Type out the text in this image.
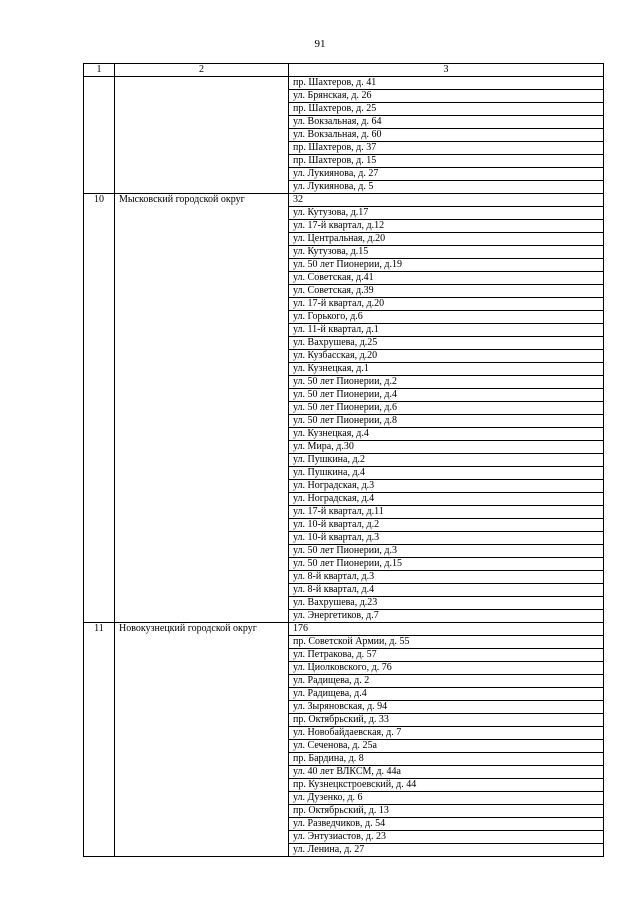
91
1	2	3
		пр. Шахтеров, д. 41
		ул. Брянская, д. 26
		пр. Шахтеров, д. 25
		ул. Вокзальная, д. 64
		ул. Вокзальная, д. 60
		пр. Шахтеров, д. 37
		пр. Шахтеров, д. 15
		ул. Лукиянова, д. 27
		ул. Лукиянова, д. 5
10	Мысковский городской округ	32
		ул. Кутузова, д.17
		ул. 17-й квартал, д.12
		ул. Центральная, д.20
		ул. Кутузова, д.15
		ул. 50 лет Пионерии, д.19
		ул. Советская, д.41
		ул. Советская, д.39
		ул. 17-й квартал, д.20
		ул. Горького, д.6
		ул. 11-й квартал, д.1
		ул. Вахрушева, д.25
		ул. Кузбасская, д.20
		ул. Кузнецкая, д.1
		ул. 50 лет Пионерии, д.2
		ул. 50 лет Пионерии, д.4
		ул. 50 лет Пионерии, д.6
		ул. 50 лет Пионерии, д.8
		ул. Кузнецкая, д.4
		ул. Мира, д.30
		ул. Пушкина, д.2
		ул. Пушкина, д.4
		ул. Ноградская, д.3
		ул. Ноградская, д.4
		ул. 17-й квартал, д.11
		ул. 10-й квартал, д.2
		ул. 10-й квартал, д.3
		ул. 50 лет Пионерии, д.3
		ул. 50 лет Пионерии, д.15
		ул. 8-й квартал, д.3
		ул. 8-й квартал, д.4
		ул. Вахрушева, д.23
		ул. Энергетиков, д.7
11	Новокузнецкий городской округ	176
		пр. Советской Армии, д. 55
		ул. Петракова, д. 57
		ул. Циолковского, д. 76
		ул. Радищева, д. 2
		ул. Радищева, д.4
		ул. Зыряновская, д. 94
		пр. Октябрьский, д. 33
		ул. Новобайдаевская, д. 7
		ул. Сеченова, д. 25а
		пр. Бардина, д. 8
		ул. 40 лет ВЛКСМ, д. 44а
		пр. Кузнецкстроевский, д. 44
		ул. Дузенко, д. 6
		пр. Октябрьский, д. 13
		ул. Разведчиков, д. 54
		ул. Энтузиастов, д. 23
		ул. Ленина, д. 27
